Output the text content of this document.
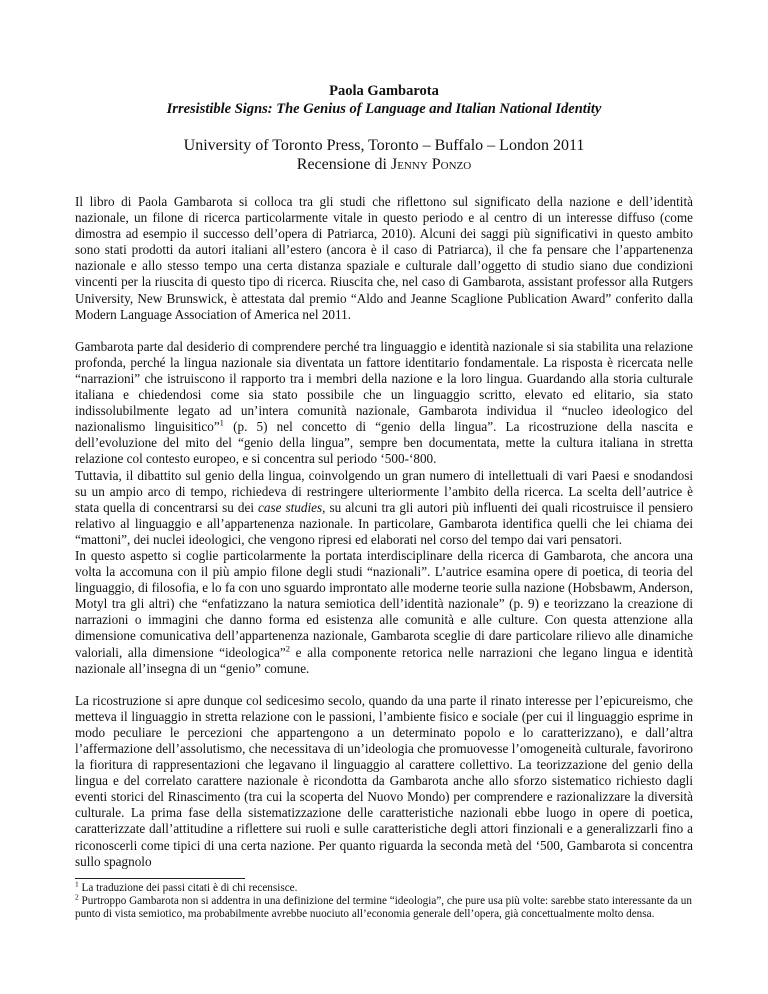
Paola Gambarota
Irresistible Signs: The Genius of Language and Italian National Identity
University of Toronto Press, Toronto – Buffalo – London 2011
Recensione di Jenny Ponzo

Il libro di Paola Gambarota si colloca tra gli studi che riflettono sul significato della nazione e dell’identità nazionale, un filone di ricerca particolarmente vitale in questo periodo e al centro di un interesse diffuso (come dimostra ad esempio il successo dell’opera di Patriarca, 2010). Alcuni dei saggi più significativi in questo ambito sono stati prodotti da autori italiani all’estero (ancora è il caso di Patriarca), il che fa pensare che l’appartenenza nazionale e allo stesso tempo una certa distanza spaziale e culturale dall’oggetto di studio siano due condizioni vincenti per la riuscita di questo tipo di ricerca. Riuscita che, nel caso di Gambarota, assistant professor alla Rutgers University, New Brunswick, è attestata dal premio “Aldo and Jeanne Scaglione Publication Award” conferito dalla Modern Language Association of America nel 2011.

Gambarota parte dal desiderio di comprendere perché tra linguaggio e identità nazionale si sia stabilita una relazione profonda, perché la lingua nazionale sia diventata un fattore identitario fondamentale. La risposta è ricercata nelle “narrazioni” che istruiscono il rapporto tra i membri della nazione e la loro lingua. Guardando alla storia culturale italiana e chiedendosi come sia stato possibile che un linguaggio scritto, elevato ed elitario, sia stato indissolubilmente legato ad un’intera comunità nazionale, Gambarota individua il “nucleo ideologico del nazionalismo linguisitico”$^1$ (p. 5) nel concetto di “genio della lingua”. La ricostruzione della nascita e dell’evoluzione del mito del “genio della lingua”, sempre ben documentata, mette la cultura italiana in stretta relazione col contesto europeo, e si concentra sul periodo ‘500-‘800.

Tuttavia, il dibattito sul genio della lingua, coinvolgendo un gran numero di intellettuali di vari Paesi e snodandosi su un ampio arco di tempo, richiedeva di restringere ulteriormente l’ambito della ricerca. La scelta dell’autrice è stata quella di concentrarsi su dei case studies, su alcuni tra gli autori più influenti dei quali ricostruisce il pensiero relativo al linguaggio e all’appartenenza nazionale. In particolare, Gambarota identifica quelli che lei chiama dei “mattoni”, dei nuclei ideologici, che vengono ripresi ed elaborati nel corso del tempo dai vari pensatori.

In questo aspetto si coglie particolarmente la portata interdisciplinare della ricerca di Gambarota, che ancora una volta la accomuna con il più ampio filone degli studi “nazionali”. L’autrice esamina opere di poetica, di teoria del linguaggio, di filosofia, e lo fa con uno sguardo improntato alle moderne teorie sulla nazione (Hobsbawm, Anderson, Motyl tra gli altri) che “enfatizzano la natura semiotica dell’identità nazionale” (p. 9) e teorizzano la creazione di narrazioni o immagini che danno forma ed esistenza alle comunità e alle culture. Con questa attenzione alla dimensione comunicativa dell’appartenenza nazionale, Gambarota sceglie di dare particolare rilievo alle dinamiche valoriali, alla dimensione “ideologica”$^2$ e alla componente retorica nelle narrazioni che legano lingua e identità nazionale all’insegna di un “genio” comune.

La ricostruzione si apre dunque col sedicesimo secolo, quando da una parte il rinato interesse per l’epicureismo, che metteva il linguaggio in stretta relazione con le passioni, l’ambiente fisico e sociale (per cui il linguaggio esprime in modo peculiare le percezioni che appartengono a un determinato popolo e lo caratterizzano), e dall’altra l’affermazione dell’assolutismo, che necessitava di un’ideologia che promuovesse l’omogeneità culturale, favorirono la fioritura di rappresentazioni che legavano il linguaggio al carattere collettivo. La teorizzazione del genio della lingua e del correlato carattere nazionale è ricondotta da Gambarota anche allo sforzo sistematico richiesto dagli eventi storici del Rinascimento (tra cui la scoperta del Nuovo Mondo) per comprendere e razionalizzare la diversità culturale. La prima fase della sistematizzazione delle caratteristiche nazionali ebbe luogo in opere di poetica, caratterizzate dall’attitudine a riflettere sui ruoli e sulle caratteristiche degli attori finzionali e a generalizzarli fino a riconoscerli come tipici di una certa nazione. Per quanto riguarda la seconda metà del ‘500, Gambarota si concentra sullo spagnolo

$^1$ La traduzione dei passi citati è di chi recensisce.
$^2$ Purtroppo Gambarota non si addentra in una definizione del termine “ideologia”, che pure usa più volte: sarebbe stato interessante da un punto di vista semiotico, ma probabilmente avrebbe nuociuto all’economia generale dell’opera, già concettualmente molto densa.
